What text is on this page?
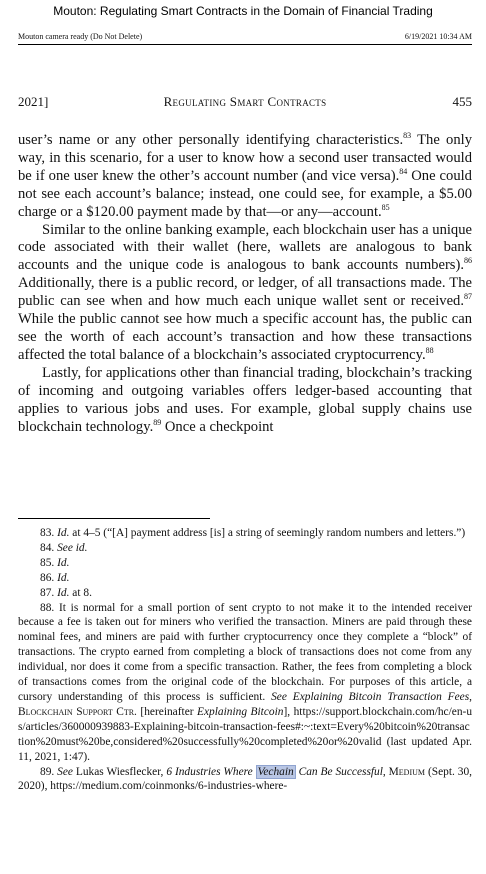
Mouton: Regulating Smart Contracts in the Domain of Financial Trading
Mouton camera ready (Do Not Delete)	6/19/2021 10:34 AM
2021]	Regulating Smart Contracts	455

user’s name or any other personally identifying characteristics.$^{83}$ The only way, in this scenario, for a user to know how a second user transacted would be if one user knew the other’s account number (and vice versa).$^{84}$ One could not see each account’s balance; instead, one could see, for example, a $5.00 charge or a $120.00 payment made by that—or any—account.$^{85}$

Similar to the online banking example, each blockchain user has a unique code associated with their wallet (here, wallets are analogous to bank accounts and the unique code is analogous to bank accounts numbers).$^{86}$ Additionally, there is a public record, or ledger, of all transactions made. The public can see when and how much each unique wallet sent or received.$^{87}$ While the public cannot see how much a specific account has, the public can see the worth of each account’s transaction and how these transactions affected the total balance of a blockchain’s associated cryptocurrency.$^{88}$

Lastly, for applications other than financial trading, blockchain’s tracking of incoming and outgoing variables offers ledger-based accounting that applies to various jobs and uses. For example, global supply chains use blockchain technology.$^{89}$ Once a checkpoint

83. Id. at 4–5 (“[A] payment address [is] a string of seemingly random numbers and letters.”)

84. See id.

85. Id.

86. Id.

87. Id. at 8.

88. It is normal for a small portion of sent crypto to not make it to the intended receiver because a fee is taken out for miners who verified the transaction. Miners are paid through these nominal fees, and miners are paid with further cryptocurrency once they complete a “block” of transactions. The crypto earned from completing a block of transactions does not come from any individual, nor does it come from a specific transaction. Rather, the fees from completing a block of transactions comes from the original code of the blockchain. For purposes of this article, a cursory understanding of this process is sufficient. See Explaining Bitcoin Transaction Fees, Blockchain Support Ctr. [hereinafter Explaining Bitcoin], https://support.blockchain.com/hc/en-us/articles/360000939883-Explaining-bitcoin-transaction-fees#:~:text=Every%20bitcoin%20transaction%20must%20be,considered%20successfully%20completed%20or%20valid (last updated Apr. 11, 2021, 1:47).

89. See Lukas Wiesflecker, 6 Industries Where Vechain Can Be Successful, Medium (Sept. 30, 2020), https://medium.com/coinmonks/6-industries-where-
